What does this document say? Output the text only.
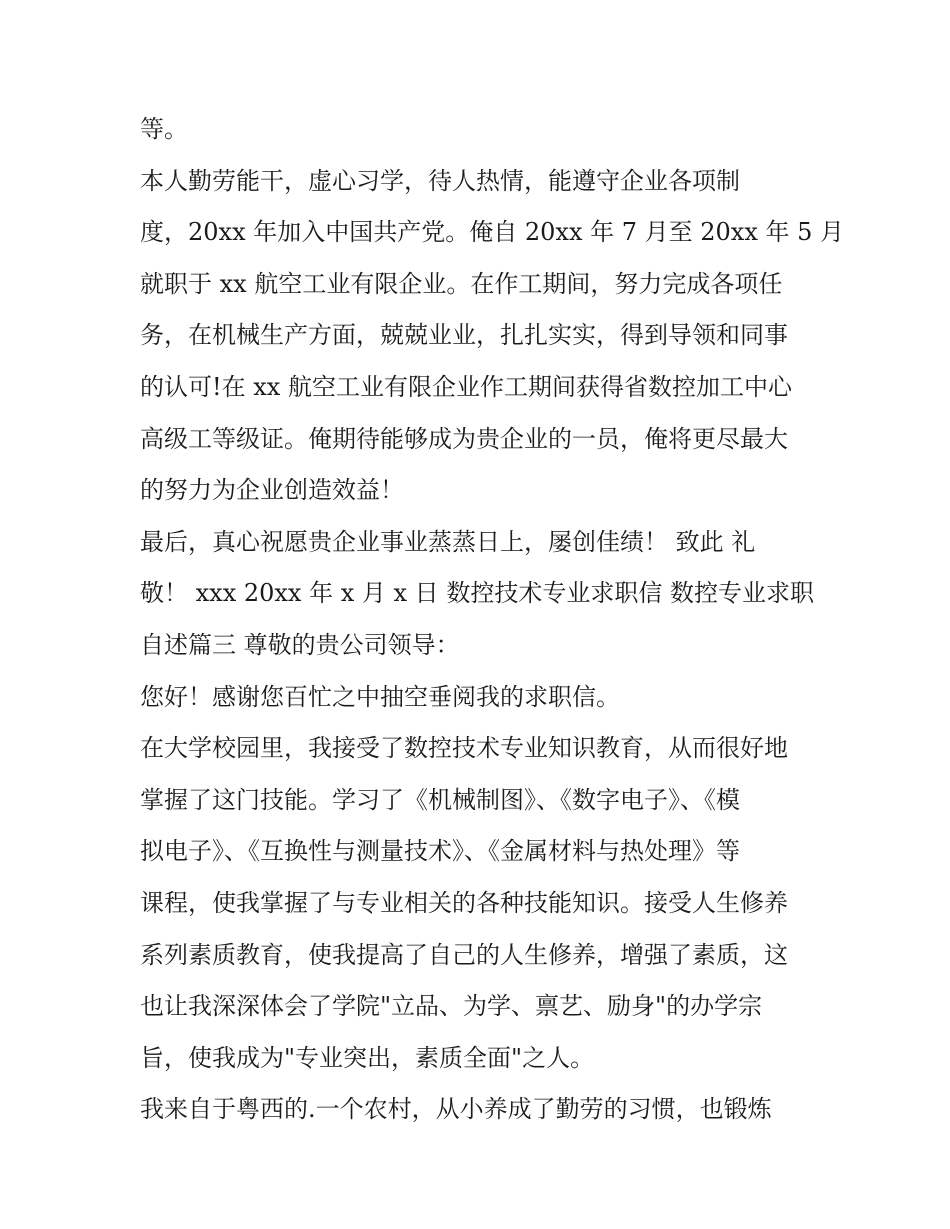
等。
本人勤劳能干，虚心习学，待人热情，能遵守企业各项制
度，20xx 年加入中国共产党。俺自 20xx 年 7 月至 20xx 年 5 月
就职于 xx 航空工业有限企业。在作工期间，努力完成各项任
务，在机械生产方面，兢兢业业，扎扎实实，得到导领和同事
的认可!在 xx 航空工业有限企业作工期间获得省数控加工中心
高级工等级证。俺期待能够成为贵企业的一员，俺将更尽最大
的努力为企业创造效益！
最后，真心祝愿贵企业事业蒸蒸日上，屡创佳绩！ 致此 礼
敬！ xxx 20xx 年 x 月 x 日 数控技术专业求职信 数控专业求职
自述篇三 尊敬的贵公司领导：
您好！感谢您百忙之中抽空垂阅我的求职信。
在大学校园里，我接受了数控技术专业知识教育，从而很好地
掌握了这门技能。学习了《机械制图》、《数字电子》、《模
拟电子》、《互换性与测量技术》、《金属材料与热处理》等
课程，使我掌握了与专业相关的各种技能知识。接受人生修养
系列素质教育，使我提高了自己的人生修养，增强了素质，这
也让我深深体会了学院"立品、为学、禀艺、励身"的办学宗
旨，使我成为"专业突出，素质全面"之人。
我来自于粤西的.一个农村，从小养成了勤劳的习惯，也锻炼
